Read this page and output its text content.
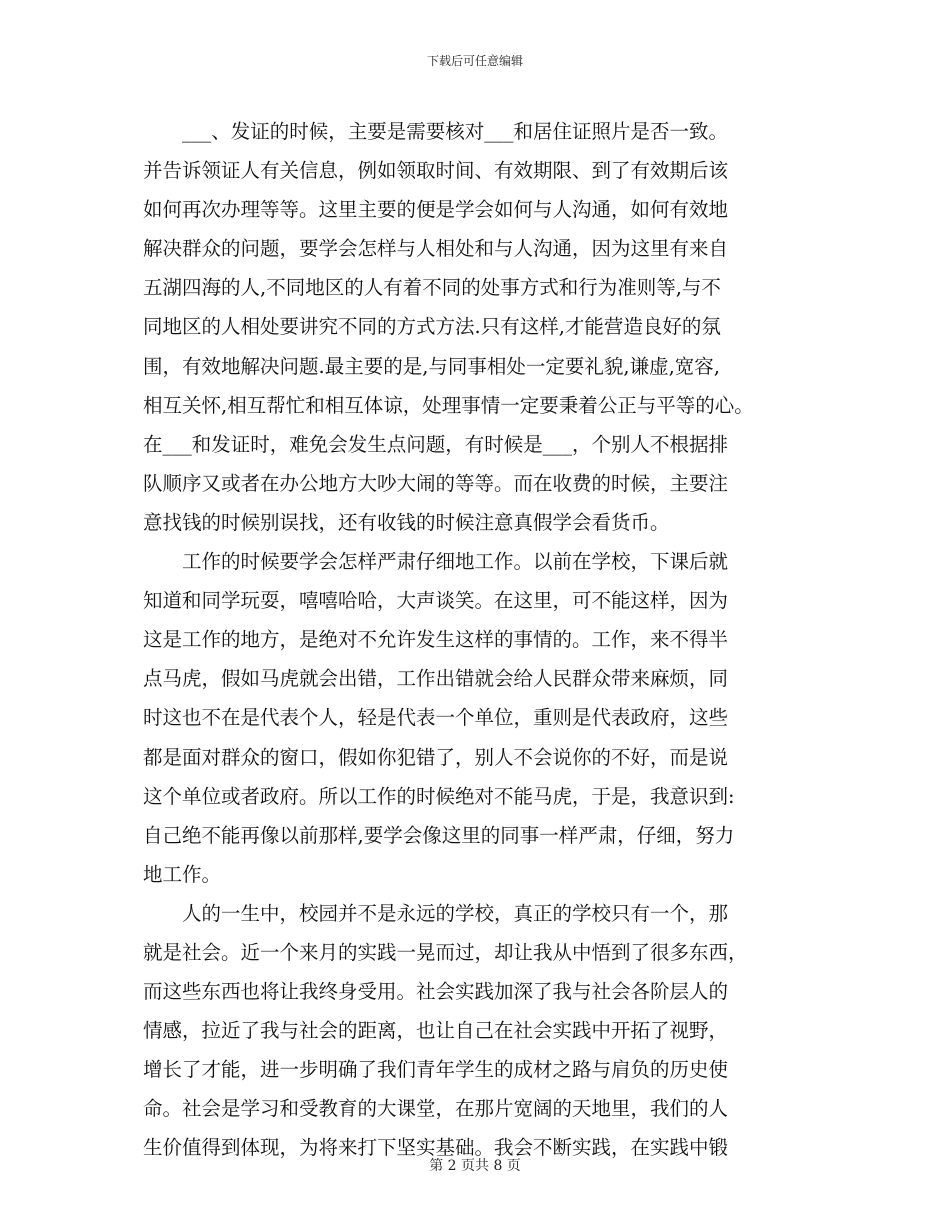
下载后可任意编辑
___、发证的时候，主要是需要核对___和居住证照片是否一致。
并告诉领证人有关信息，例如领取时间、有效期限、到了有效期后该
如何再次办理等等。这里主要的便是学会如何与人沟通，如何有效地
解决群众的问题，要学会怎样与人相处和与人沟通，因为这里有来自
五湖四海的人,不同地区的人有着不同的处事方式和行为准则等,与不
同地区的人相处要讲究不同的方式方法.只有这样,才能营造良好的氛
围，有效地解决问题.最主要的是,与同事相处一定要礼貌,谦虚,宽容,
相互关怀,相互帮忙和相互体谅，处理事情一定要秉着公正与平等的心。
在___和发证时，难免会发生点问题，有时候是___，个别人不根据排
队顺序又或者在办公地方大吵大闹的等等。而在收费的时候，主要注
意找钱的时候别误找，还有收钱的时候注意真假学会看货币。
工作的时候要学会怎样严肃仔细地工作。以前在学校，下课后就
知道和同学玩耍，嘻嘻哈哈，大声谈笑。在这里，可不能这样，因为
这是工作的地方，是绝对不允许发生这样的事情的。工作，来不得半
点马虎，假如马虎就会出错，工作出错就会给人民群众带来麻烦，同
时这也不在是代表个人，轻是代表一个单位，重则是代表政府，这些
都是面对群众的窗口，假如你犯错了，别人不会说你的不好，而是说
这个单位或者政府。所以工作的时候绝对不能马虎，于是，我意识到:
自己绝不能再像以前那样,要学会像这里的同事一样严肃，仔细，努力
地工作。
人的一生中，校园并不是永远的学校，真正的学校只有一个，那
就是社会。近一个来月的实践一晃而过，却让我从中悟到了很多东西，
而这些东西也将让我终身受用。社会实践加深了我与社会各阶层人的
情感，拉近了我与社会的距离，也让自己在社会实践中开拓了视野，
增长了才能，进一步明确了我们青年学生的成材之路与肩负的历史使
命。社会是学习和受教育的大课堂，在那片宽阔的天地里，我们的人
生价值得到体现，为将来打下坚实基础。我会不断实践，在实践中锻
第 2 页共 8 页
